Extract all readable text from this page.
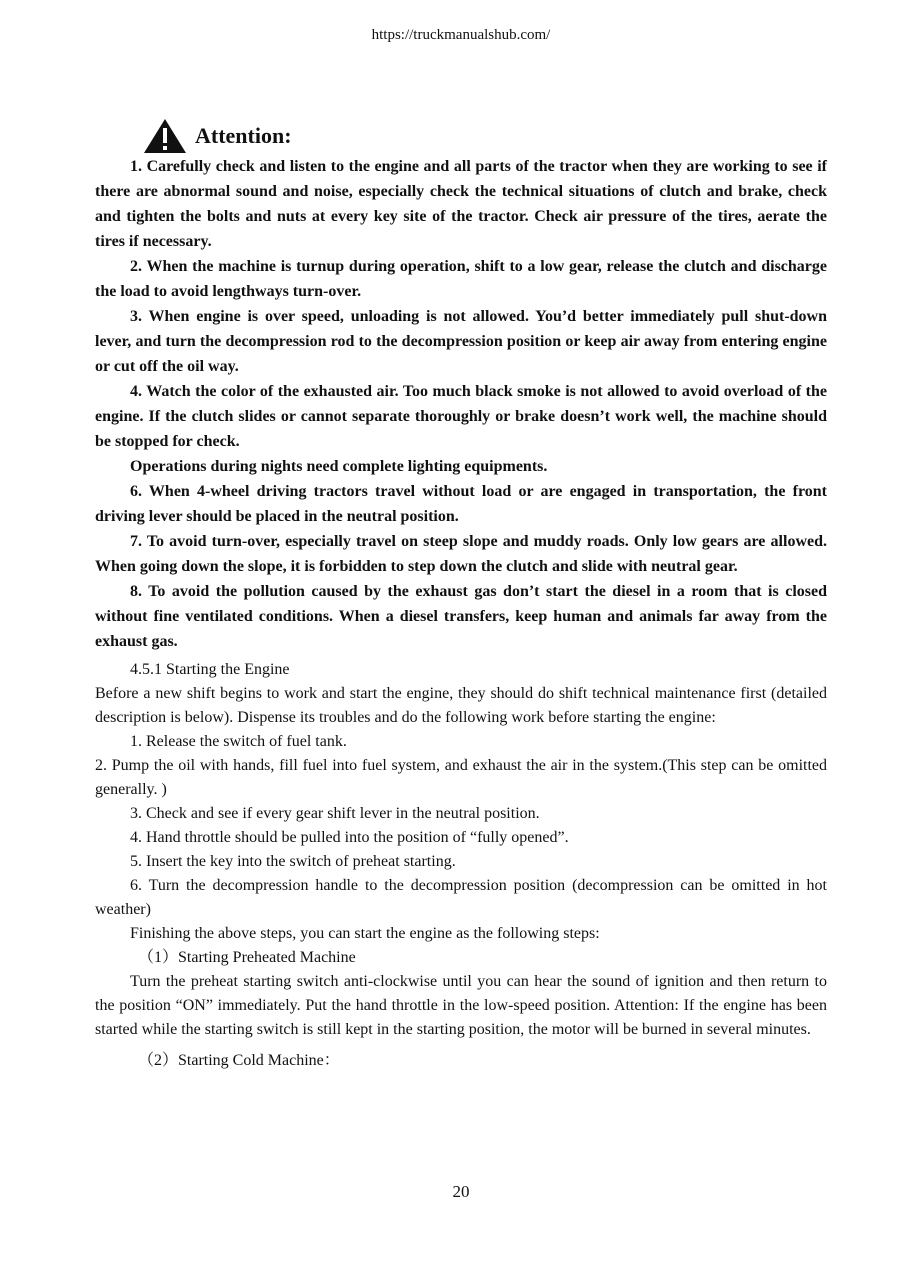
https://truckmanualshub.com/
Attention:

1. Carefully check and listen to the engine and all parts of the tractor when they are working to see if there are abnormal sound and noise, especially check the technical situations of clutch and brake, check and tighten the bolts and nuts at every key site of the tractor. Check air pressure of the tires, aerate the tires if necessary.

2. When the machine is turnup during operation, shift to a low gear, release the clutch and discharge the load to avoid lengthways turn-over.

3. When engine is over speed, unloading is not allowed. You’d better immediately pull shut-down lever, and turn the decompression rod to the decompression position or keep air away from entering engine or cut off the oil way.

4. Watch the color of the exhausted air. Too much black smoke is not allowed to avoid overload of the engine. If the clutch slides or cannot separate thoroughly or brake doesn’t work well, the machine should be stopped for check.

Operations during nights need complete lighting equipments.

6. When 4-wheel driving tractors travel without load or are engaged in transportation, the front driving lever should be placed in the neutral position.

7. To avoid turn-over, especially travel on steep slope and muddy roads. Only low gears are allowed. When going down the slope, it is forbidden to step down the clutch and slide with neutral gear.

8. To avoid the pollution caused by the exhaust gas don’t start the diesel in a room that is closed without fine ventilated conditions. When a diesel transfers, keep human and animals far away from the exhaust gas.

4.5.1 Starting the Engine

Before a new shift begins to work and start the engine, they should do shift technical maintenance first (detailed description is below). Dispense its troubles and do the following work before starting the engine:

1. Release the switch of fuel tank.

2. Pump the oil with hands, fill fuel into fuel system, and exhaust the air in the system.(This step can be omitted generally. )

3. Check and see if every gear shift lever in the neutral position.

4. Hand throttle should be pulled into the position of “fully opened”.

5. Insert the key into the switch of preheat starting.

6. Turn the decompression handle to the decompression position (decompression can be omitted in hot weather)

Finishing the above steps, you can start the engine as the following steps:

（1）Starting Preheated Machine

Turn the preheat starting switch anti-clockwise until you can hear the sound of ignition and then return to the position “ON” immediately. Put the hand throttle in the low-speed position. Attention: If the engine has been started while the starting switch is still kept in the starting position, the motor will be burned in several minutes.

（2）Starting Cold Machine：

20
